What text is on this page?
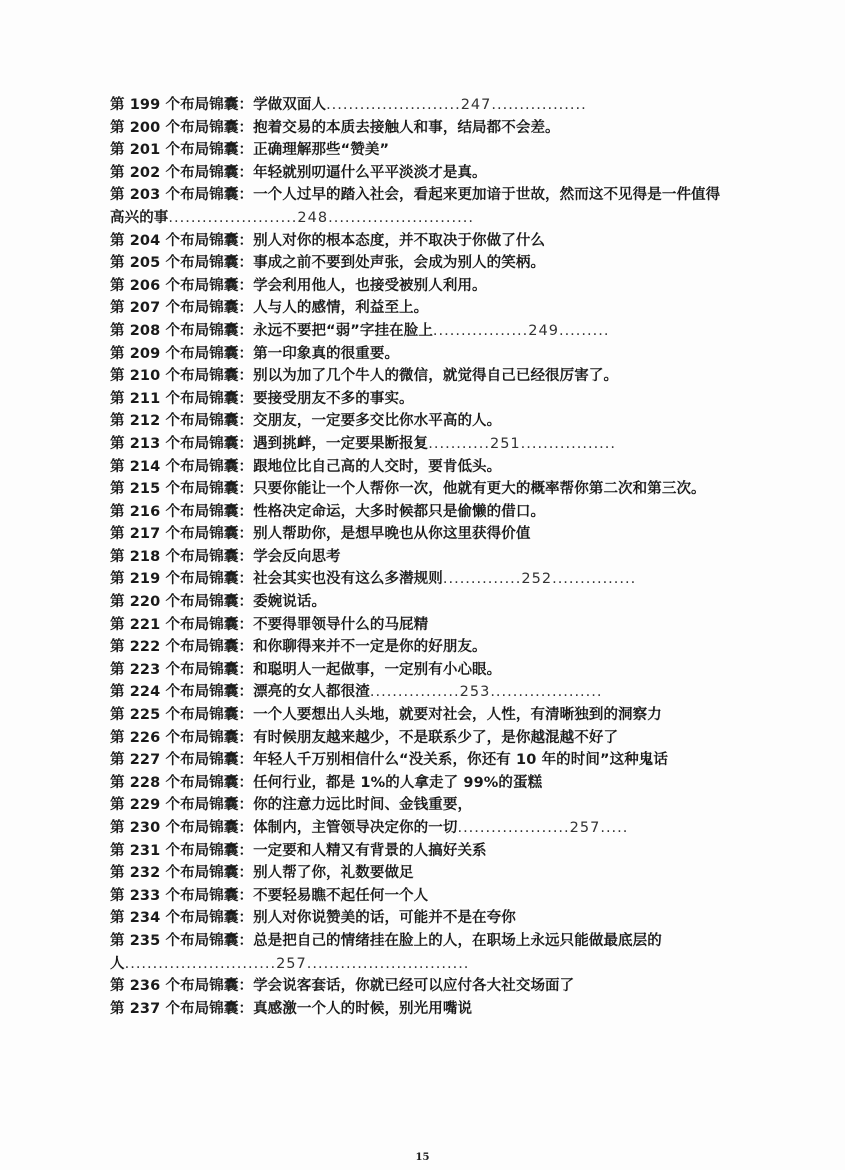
第 199 个布局锦囊：学做双面人........................247.................
第 200 个布局锦囊：抱着交易的本质去接触人和事，结局都不会差。
第 201 个布局锦囊：正确理解那些“赞美”
第 202 个布局锦囊：年轻就别叨逼什么平平淡淡才是真。
第 203 个布局锦囊：一个人过早的踏入社会，看起来更加谙于世故，然而这不见得是一件值得高兴的事.......................248..........................
第 204 个布局锦囊：别人对你的根本态度，并不取决于你做了什么
第 205 个布局锦囊：事成之前不要到处声张，会成为别人的笑柄。
第 206 个布局锦囊：学会利用他人，也接受被别人利用。
第 207 个布局锦囊：人与人的感情，利益至上。
第 208 个布局锦囊：永远不要把“弱”字挂在脸上.................249.........
第 209 个布局锦囊：第一印象真的很重要。
第 210 个布局锦囊：别以为加了几个牛人的微信，就觉得自己已经很厉害了。
第 211 个布局锦囊：要接受朋友不多的事实。
第 212 个布局锦囊：交朋友，一定要多交比你水平高的人。
第 213 个布局锦囊：遇到挑衅，一定要果断报复...........251.................
第 214 个布局锦囊：跟地位比自己高的人交时，要肯低头。
第 215 个布局锦囊：只要你能让一个人帮你一次，他就有更大的概率帮你第二次和第三次。
第 216 个布局锦囊：性格决定命运，大多时候都只是偷懒的借口。
第 217 个布局锦囊：别人帮助你，是想早晚也从你这里获得价值
第 218 个布局锦囊：学会反向思考
第 219 个布局锦囊：社会其实也没有这么多潜规则..............252...............
第 220 个布局锦囊：委婉说话。
第 221 个布局锦囊：不要得罪领导什么的马屁精
第 222 个布局锦囊：和你聊得来并不一定是你的好朋友。
第 223 个布局锦囊：和聪明人一起做事，一定别有小心眼。
第 224 个布局锦囊：漂亮的女人都很渣................253....................
第 225 个布局锦囊：一个人要想出人头地，就要对社会，人性，有清晰独到的洞察力
第 226 个布局锦囊：有时候朋友越来越少，不是联系少了，是你越混越不好了
第 227 个布局锦囊：年轻人千万别相信什么“没关系，你还有 10 年的时间”这种鬼话
第 228 个布局锦囊：任何行业，都是 1%的人拿走了 99%的蛋糕
第 229 个布局锦囊：你的注意力远比时间、金钱重要，
第 230 个布局锦囊：体制内，主管领导决定你的一切....................257.....
第 231 个布局锦囊：一定要和人精又有背景的人搞好关系
第 232 个布局锦囊：别人帮了你，礼数要做足
第 233 个布局锦囊：不要轻易瞧不起任何一个人
第 234 个布局锦囊：别人对你说赞美的话，可能并不是在夸你
第 235 个布局锦囊：总是把自己的情绪挂在脸上的人，在职场上永远只能做最底层的人...........................257.............................
第 236 个布局锦囊：学会说客套话，你就已经可以应付各大社交场面了
第 237 个布局锦囊：真感激一个人的时候，别光用嘴说
15
